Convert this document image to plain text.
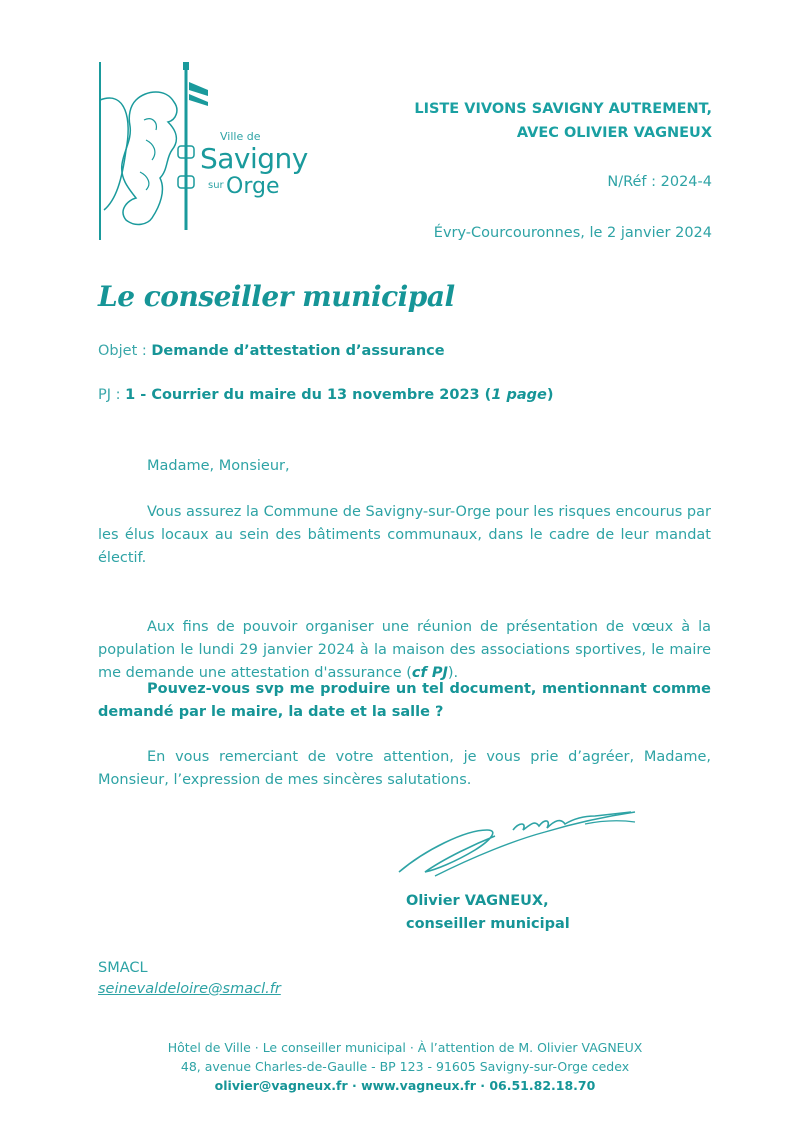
Ville de
Savigny
sur Orge
LISTE VIVONS SAVIGNY AUTREMENT,
AVEC OLIVIER VAGNEUX
N/Réf : 2024-4
Évry-Courcouronnes, le 2 janvier 2024
Le conseiller municipal
Objet : Demande d’attestation d’assurance
PJ : 1 - Courrier du maire du 13 novembre 2023 (1 page)
Madame, Monsieur,
Vous assurez la Commune de Savigny-sur-Orge pour les risques encourus par les élus locaux au sein des bâtiments communaux, dans le cadre de leur mandat électif.
Aux fins de pouvoir organiser une réunion de présentation de vœux à la population le lundi 29 janvier 2024 à la maison des associations sportives, le maire me demande une attestation d'assurance (cf PJ).
Pouvez-vous svp me produire un tel document, mentionnant comme demandé par le maire, la date et la salle ?
En vous remerciant de votre attention, je vous prie d’agréer, Madame, Monsieur, l’expression de mes sincères salutations.
Olivier VAGNEUX,
conseiller municipal
SMACL
seinevaldeloire@smacl.fr
Hôtel de Ville · Le conseiller municipal · À l’attention de M. Olivier VAGNEUX
48, avenue Charles-de-Gaulle - BP 123 - 91605 Savigny-sur-Orge cedex
olivier@vagneux.fr · www.vagneux.fr · 06.51.82.18.70
